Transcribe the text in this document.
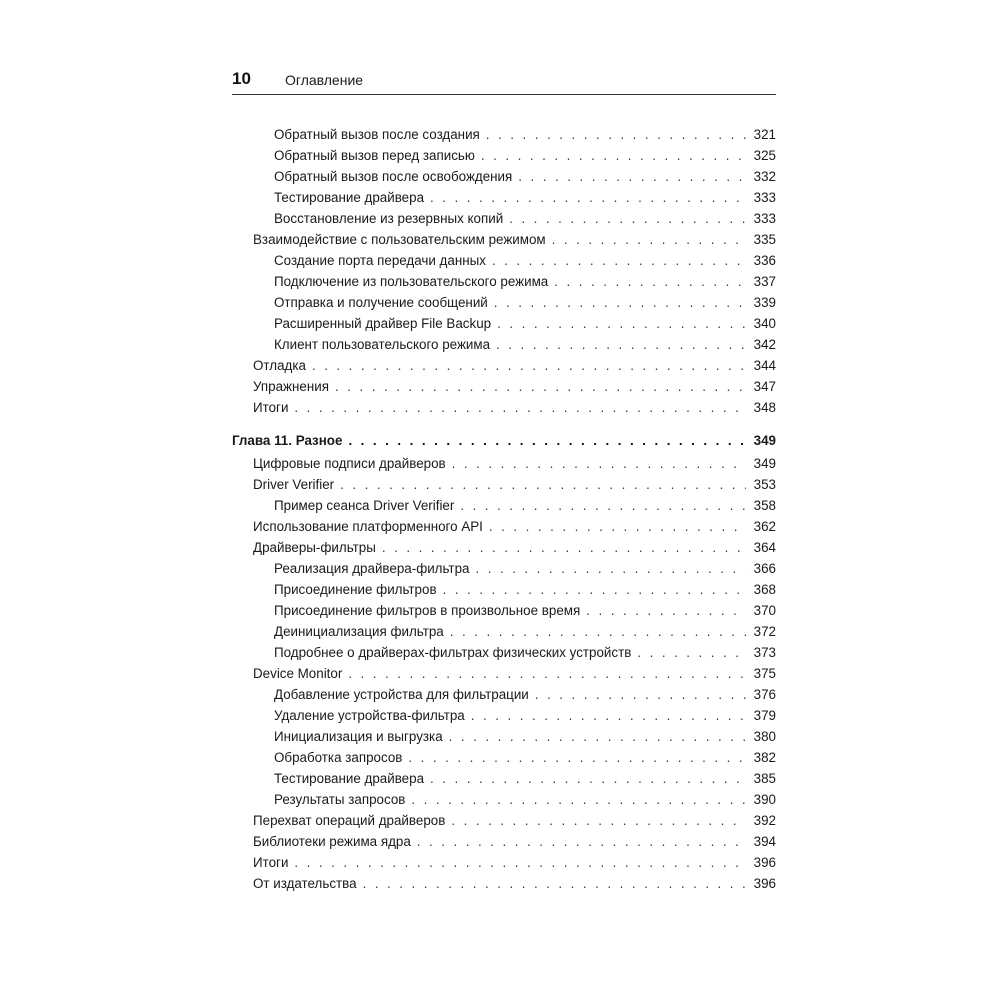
10 Оглавление
Обратный вызов после создания . . .	321
Обратный вызов перед записью . . .	325
Обратный вызов после освобождения . . .	332
Тестирование драйвера . . .	333
Восстановление из резервных копий . . .	333
Взаимодействие с пользовательским режимом . . .	335
Создание порта передачи данных . . .	336
Подключение из пользовательского режима . . .	337
Отправка и получение сообщений . . .	339
Расширенный драйвер File Backup . . .	340
Клиент пользовательского режима . . .	342
Отладка . . .	344
Упражнения . . .	347
Итоги . . .	348
Глава 11. Разное . . .	349
Цифровые подписи драйверов . . .	349
Driver Verifier . . .	353
Пример сеанса Driver Verifier . . .	358
Использование платформенного API . . .	362
Драйверы-фильтры . . .	364
Реализация драйвера-фильтра . . .	366
Присоединение фильтров . . .	368
Присоединение фильтров в произвольное время . . .	370
Деинициализация фильтра . . .	372
Подробнее о драйверах-фильтрах физических устройств . . .	373
Device Monitor . . .	375
Добавление устройства для фильтрации . . .	376
Удаление устройства-фильтра . . .	379
Инициализация и выгрузка . . .	380
Обработка запросов . . .	382
Тестирование драйвера . . .	385
Результаты запросов . . .	390
Перехват операций драйверов . . .	392
Библиотеки режима ядра . . .	394
Итоги . . .	396
От издательства . . .	396
